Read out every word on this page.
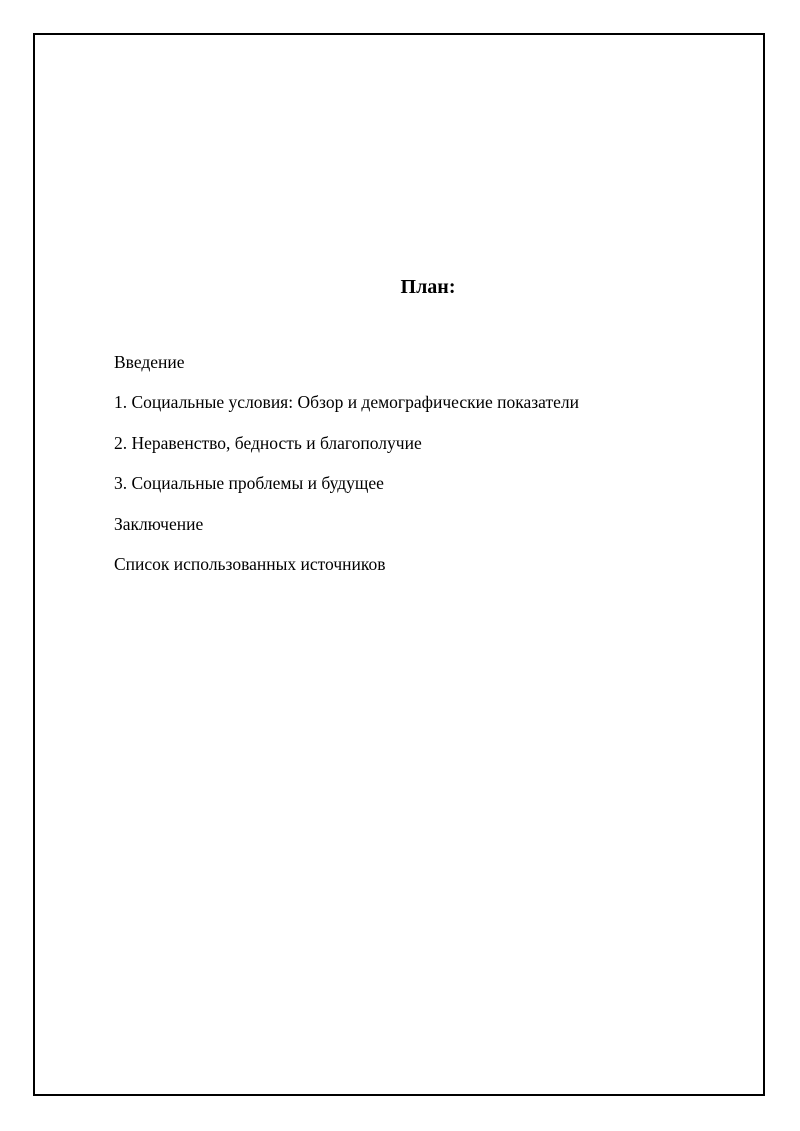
План:
Введение
1. Социальные условия: Обзор и демографические показатели
2. Неравенство, бедность и благополучие
3. Социальные проблемы и будущее
Заключение
Список использованных источников
